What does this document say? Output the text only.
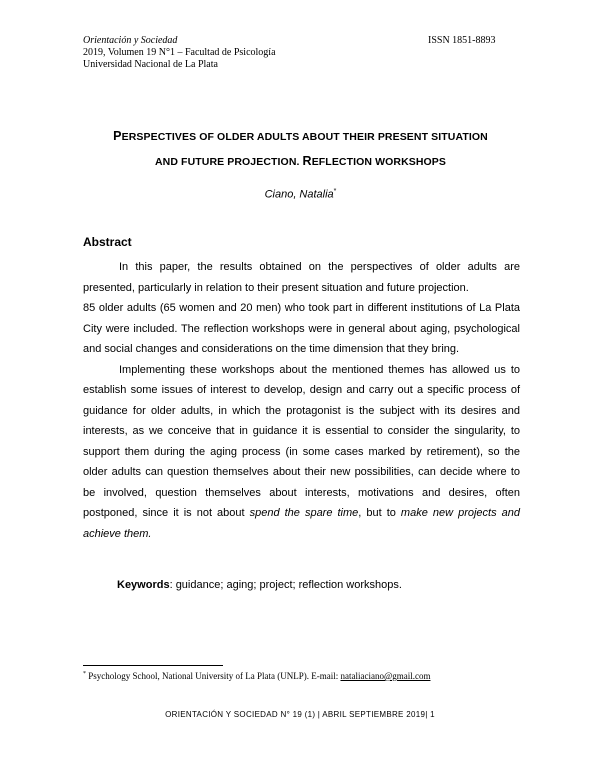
Orientación y Sociedad
2019, Volumen 19 N°1 – Facultad de Psicología
Universidad Nacional de La Plata
ISSN 1851-8893
PERSPECTIVES OF OLDER ADULTS ABOUT THEIR PRESENT SITUATION
AND FUTURE PROJECTION. REFLECTION WORKSHOPS
Ciano, Natalia*
Abstract

In this paper, the results obtained on the perspectives of older adults are presented, particularly in relation to their present situation and future projection.

85 older adults (65 women and 20 men) who took part in different institutions of La Plata City were included. The reflection workshops were in general about aging, psychological and social changes and considerations on the time dimension that they bring.

Implementing these workshops about the mentioned themes has allowed us to establish some issues of interest to develop, design and carry out a specific process of guidance for older adults, in which the protagonist is the subject with its desires and interests, as we conceive that in guidance it is essential to consider the singularity, to support them during the aging process (in some cases marked by retirement), so the older adults can question themselves about their new possibilities, can decide where to be involved, question themselves about interests, motivations and desires, often postponed, since it is not about spend the spare time, but to make new projects and achieve them.

Keywords: guidance; aging; project; reflection workshops.
* Psychology School, National University of La Plata (UNLP). E-mail: nataliaciano@gmail.com
ORIENTACIÓN Y SOCIEDAD N° 19 (1) | ABRIL SEPTIEMBRE 2019| 1
